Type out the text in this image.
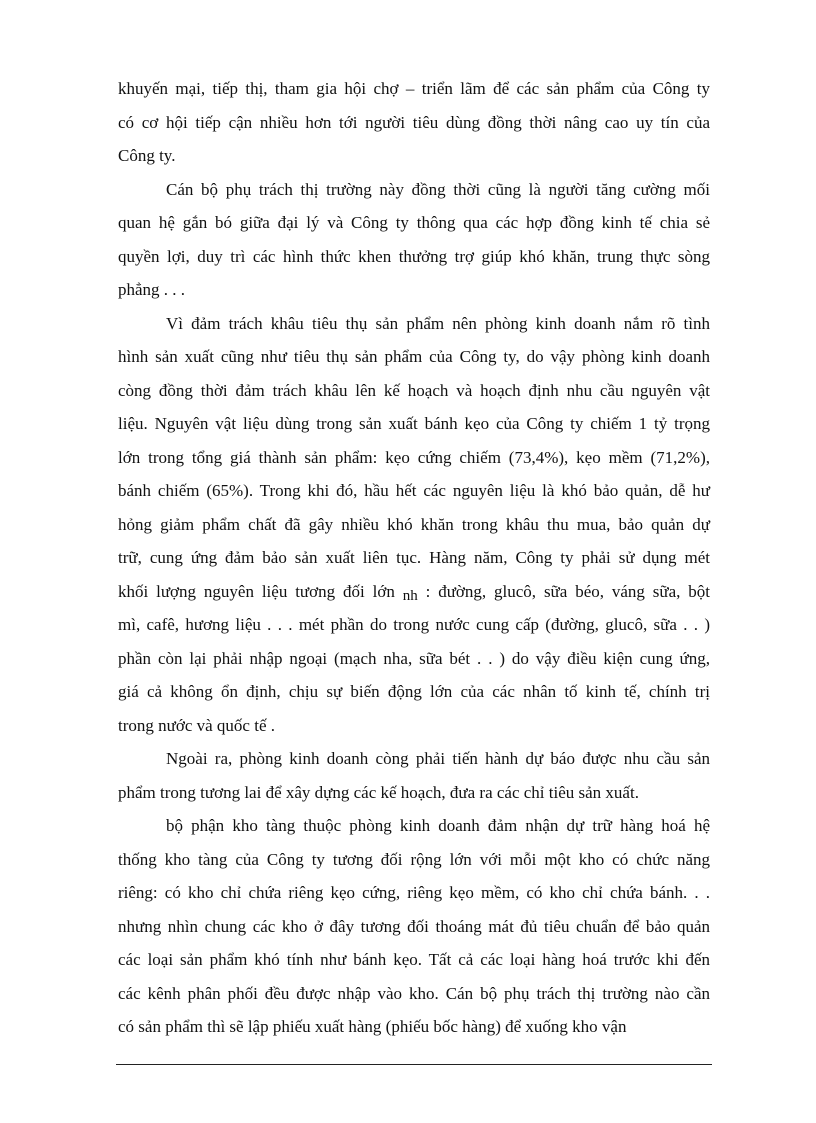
khuyến mại, tiếp thị, tham gia hội chợ – triển lãm để các sản phẩm của Công ty
có cơ hội tiếp cận nhiều hơn tới người tiêu dùng đồng thời nâng cao uy tín của
Công ty.
Cán bộ phụ trách thị trường này đồng thời cũng là người tăng cường mối
quan hệ gắn bó giữa đại lý và Công ty thông qua các hợp đồng kinh tế chia sẻ
quyền lợi, duy trì các hình thức khen thưởng trợ giúp khó khăn, trung thực sòng
phẳng . . .
Vì đảm trách khâu tiêu thụ sản phẩm nên phòng kinh doanh nắm rõ tình
hình sản xuất cũng như tiêu thụ sản phẩm của Công ty, do vậy phòng kinh doanh
còng đồng thời đảm trách khâu lên kế hoạch và hoạch định nhu cầu nguyên vật
liệu. Nguyên vật liệu dùng trong sản xuất bánh kẹo của Công ty chiếm 1 tỷ trọng
lớn trong tổng giá thành sản phẩm: kẹo cứng chiếm (73,4%), kẹo mềm (71,2%),
bánh chiếm (65%). Trong khi đó, hầu hết các nguyên liệu là khó bảo quản, dễ hư
hỏng giảm phẩm chất đã gây nhiều khó khăn trong khâu thu mua, bảo quản dự
trữ, cung ứng đảm bảo sản xuất liên tục. Hàng năm, Công ty phải sử dụng mét
khối lượng nguyên liệu tương đối lớn nh : đường, glucô, sữa béo, váng sữa, bột
mì, cafê, hương liệu . . . mét phần do trong nước cung cấp (đường, glucô, sữa . . )
phần còn lại phải nhập ngoại (mạch nha, sữa bét . . ) do vậy điều kiện cung ứng,
giá cả không ổn định, chịu sự biến động lớn của các nhân tố kinh tế, chính trị
trong nước và quốc tế .
Ngoài ra, phòng kinh doanh còng phải tiến hành dự báo được nhu cầu sản
phẩm trong tương lai để xây dựng các kế hoạch, đưa ra các chỉ tiêu sản xuất.
bộ phận kho tàng thuộc phòng kinh doanh đảm nhận dự trữ hàng hoá hệ
thống kho tàng của Công ty tương đối rộng lớn với mỗi một kho có chức năng
riêng: có kho chỉ chứa riêng kẹo cứng, riêng kẹo mềm, có kho chỉ chứa bánh. . .
nhưng nhìn chung các kho ở đây tương đối thoáng mát đủ tiêu chuẩn để bảo quản
các loại sản phẩm khó tính như bánh kẹo. Tất cả các loại hàng hoá trước khi đến
các kênh phân phối đều được nhập vào kho. Cán bộ phụ trách thị trường nào cần
có sản phẩm thì sẽ lập phiếu xuất hàng (phiếu bốc hàng) để xuống kho vận
